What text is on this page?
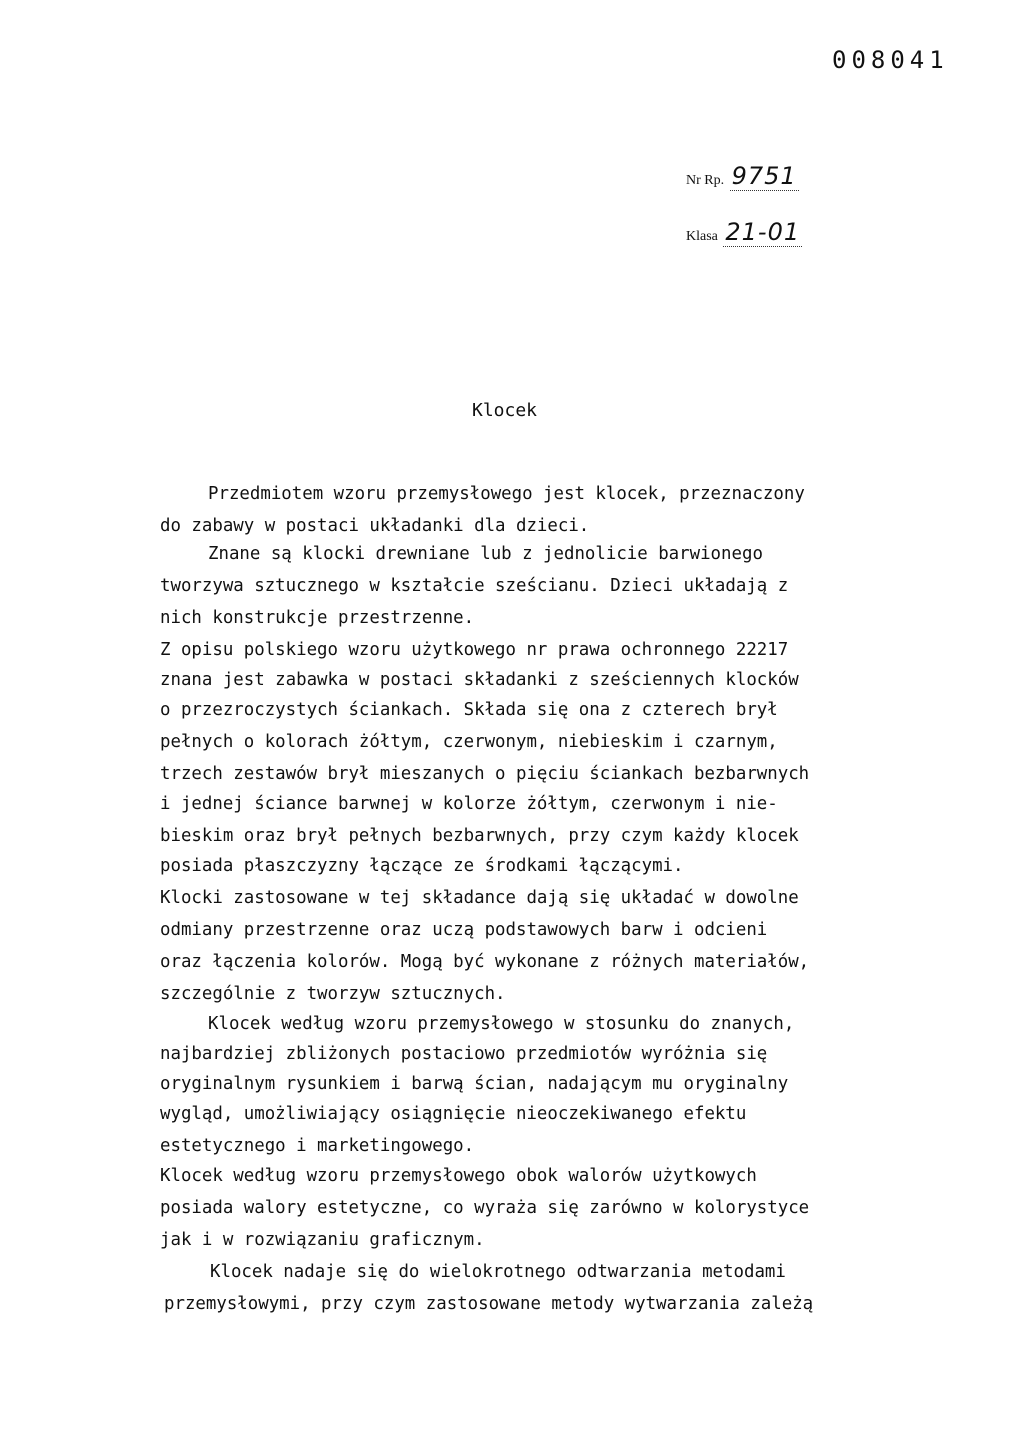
008041
Nr Rp. 9751
Klasa 21-01
Klocek
Przedmiotem wzoru przemysłowego jest klocek, przeznaczony
do zabawy w postaci układanki dla dzieci.
Znane są klocki drewniane lub z jednolicie barwionego
tworzywa sztucznego w kształcie sześcianu. Dzieci układają z
nich konstrukcje przestrzenne.
Z opisu polskiego wzoru użytkowego nr prawa ochronnego 22217
znana jest zabawka w postaci składanki z sześciennych klocków
o przezroczystych ściankach. Składa się ona z czterech brył
pełnych o kolorach żółtym, czerwonym, niebieskim i czarnym,
trzech zestawów brył mieszanych o pięciu ściankach bezbarwnych
i jednej ściance barwnej w kolorze żółtym, czerwonym i nie-
bieskim oraz brył pełnych bezbarwnych, przy czym każdy klocek
posiada płaszczyzny łączące ze środkami łączącymi.
Klocki zastosowane w tej składance dają się układać w dowolne
odmiany przestrzenne oraz uczą podstawowych barw i odcieni
oraz łączenia kolorów. Mogą być wykonane z różnych materiałów,
szczególnie z tworzyw sztucznych.
Klocek według wzoru przemysłowego w stosunku do znanych,
najbardziej zbliżonych postaciowo przedmiotów wyróżnia się
oryginalnym rysunkiem i barwą ścian, nadającym mu oryginalny
wygląd, umożliwiający osiągnięcie nieoczekiwanego efektu
estetycznego i marketingowego.
Klocek według wzoru przemysłowego obok walorów użytkowych
posiada walory estetyczne, co wyraża się zarówno w kolorystyce
jak i w rozwiązaniu graficznym.
Klocek nadaje się do wielokrotnego odtwarzania metodami
przemysłowymi, przy czym zastosowane metody wytwarzania zależą
